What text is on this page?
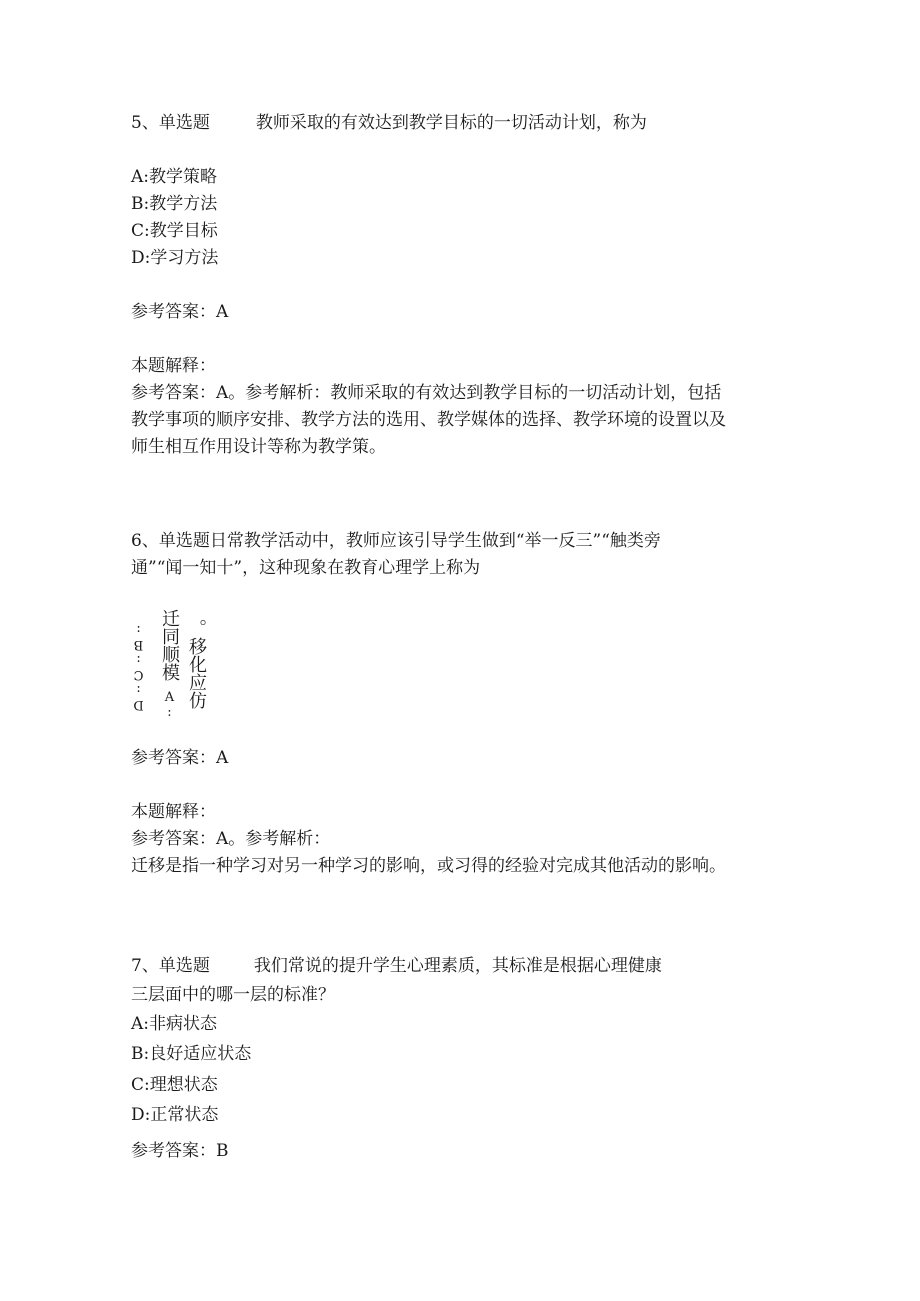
5、单选题	教师采取的有效达到教学目标的一切活动计划，称为
A:教学策略
B:教学方法
C:教学目标
D:学习方法
参考答案：A
本题解释：
参考答案：A。参考解析：教师采取的有效达到教学目标的一切活动计划，包括
教学事项的顺序安排、教学方法的选用、教学媒体的选择、教学环境的设置以及
师生相互作用设计等称为教学策。
6、单选题日常教学活动中，教师应该引导学生做到“举一反三”“触类旁
通”“闻一知十”，这种现象在教育心理学上称为
D:C:B: 迁同顺模
A: 。移化应仿
参考答案：A
本题解释：
参考答案：A。参考解析：
迁移是指一种学习对另一种学习的影响，或习得的经验对完成其他活动的影响。
7、单选题	我们常说的提升学生心理素质，其标准是根据心理健康
三层面中的哪一层的标准？
A:非病状态
B:良好适应状态
C:理想状态
D:正常状态
参考答案：B
